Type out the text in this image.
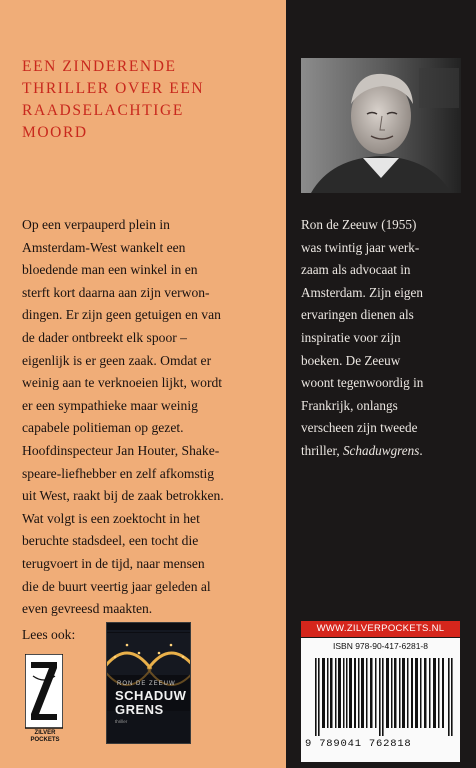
EEN ZINDERENDE
THRILLER OVER EEN
RAADSELACHTIGE
MOORD
Op een verpauperd plein in
Amsterdam-West wankelt een
bloedende man een winkel in en
sterft kort daarna aan zijn verwon-
dingen. Er zijn geen getuigen en van
de dader ontbreekt elk spoor –
eigenlijk is er geen zaak. Omdat er
weinig aan te verknoeien lijkt, wordt
er een sympathieke maar weinig
capabele politieman op gezet.
Hoofdinspecteur Jan Houter, Shake-
speare-liefhebber en zelf afkomstig
uit West, raakt bij de zaak betrokken.
Wat volgt is een zoektocht in het
beruchte stadsdeel, een tocht die
terugvoert in de tijd, naar mensen
die de buurt veertig jaar geleden al
even gevreesd maakten.
Lees ook:
ZILVER
POCKETS
RON DE ZEEUW
SCHADUW
GRENS
thriller
Ron de Zeeuw (1955)
was twintig jaar werk-
zaam als advocaat in
Amsterdam. Zijn eigen
ervaringen dienen als
inspiratie voor zijn
boeken. De Zeeuw
woont tegenwoordig in
Frankrijk, onlangs
verscheen zijn tweede
thriller, Schaduwgrens.
WWW.ZILVERPOCKETS.NL
ISBN 978-90-417-6281-8
9 789041 762818
